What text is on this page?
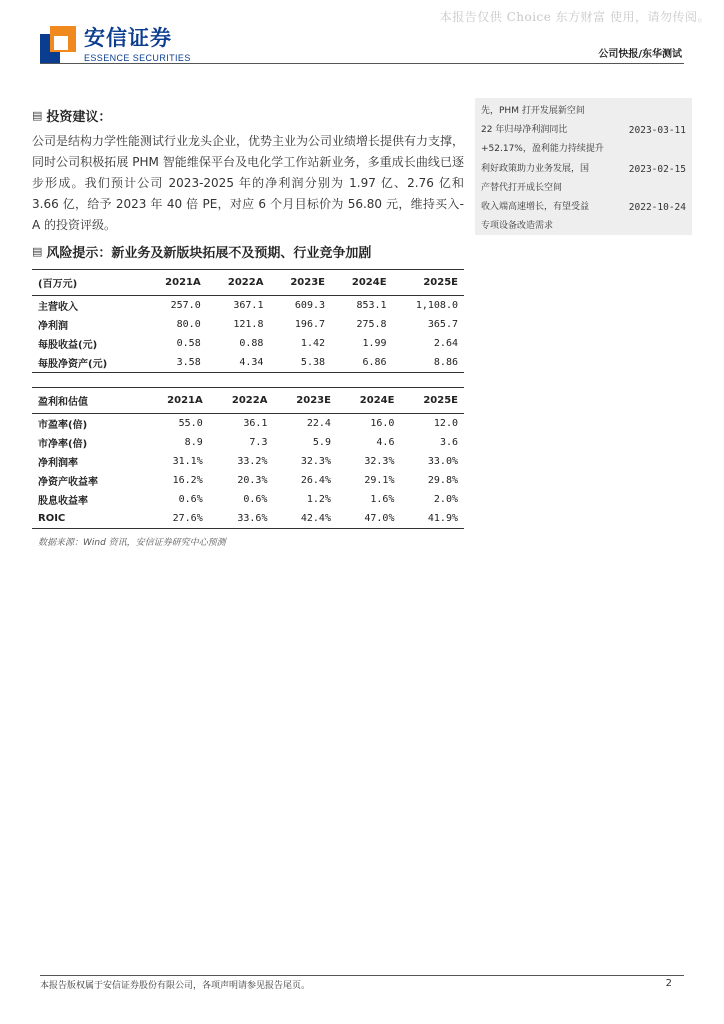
本报告仅供 Choice 东方财富 使用，请勿传阅。
安信证券
ESSENCE SECURITIES	公司快报/东华测试
▤ 投资建议：

公司是结构力学性能测试行业龙头企业，优势主业为公司业绩增长提供有力支撑，同时公司积极拓展 PHM 智能维保平台及电化学工作站新业务，多重成长曲线已逐步形成。我们预计公司 2023-2025 年的净利润分别为 1.97 亿、2.76 亿和 3.66 亿，给予 2023 年 40 倍 PE，对应 6 个月目标价为 56.80 元，维持买入-A 的投资评级。

▤ 风险提示：新业务及新版块拓展不及预期、行业竞争加剧
(百万元)	2021A	2022A	2023E	2024E	2025E
主营收入	257.0	367.1	609.3	853.1	1,108.0
净利润	80.0	121.8	196.7	275.8	365.7
每股收益(元)	0.58	0.88	1.42	1.99	2.64
每股净资产(元)	3.58	4.34	5.38	6.86	8.86
盈利和估值	2021A	2022A	2023E	2024E	2025E
市盈率(倍)	55.0	36.1	22.4	16.0	12.0
市净率(倍)	8.9	7.3	5.9	4.6	3.6
净利润率	31.1%	33.2%	32.3%	32.3%	33.0%
净资产收益率	16.2%	20.3%	26.4%	29.1%	29.8%
股息收益率	0.6%	0.6%	1.2%	1.6%	2.0%
ROIC	27.6%	33.6%	42.4%	47.0%	41.9%
数据来源：Wind 资讯，安信证券研究中心预测
先，PHM 打开发展新空间
22 年归母净利润同比	2023-03-11
+52.17%，盈利能力持续提升
利好政策助力业务发展，国	2023-02-15
产替代打开成长空间
收入端高速增长，有望受益	2022-10-24
专项设备改造需求
本报告版权属于安信证券股份有限公司，各项声明请参见报告尾页。	2
